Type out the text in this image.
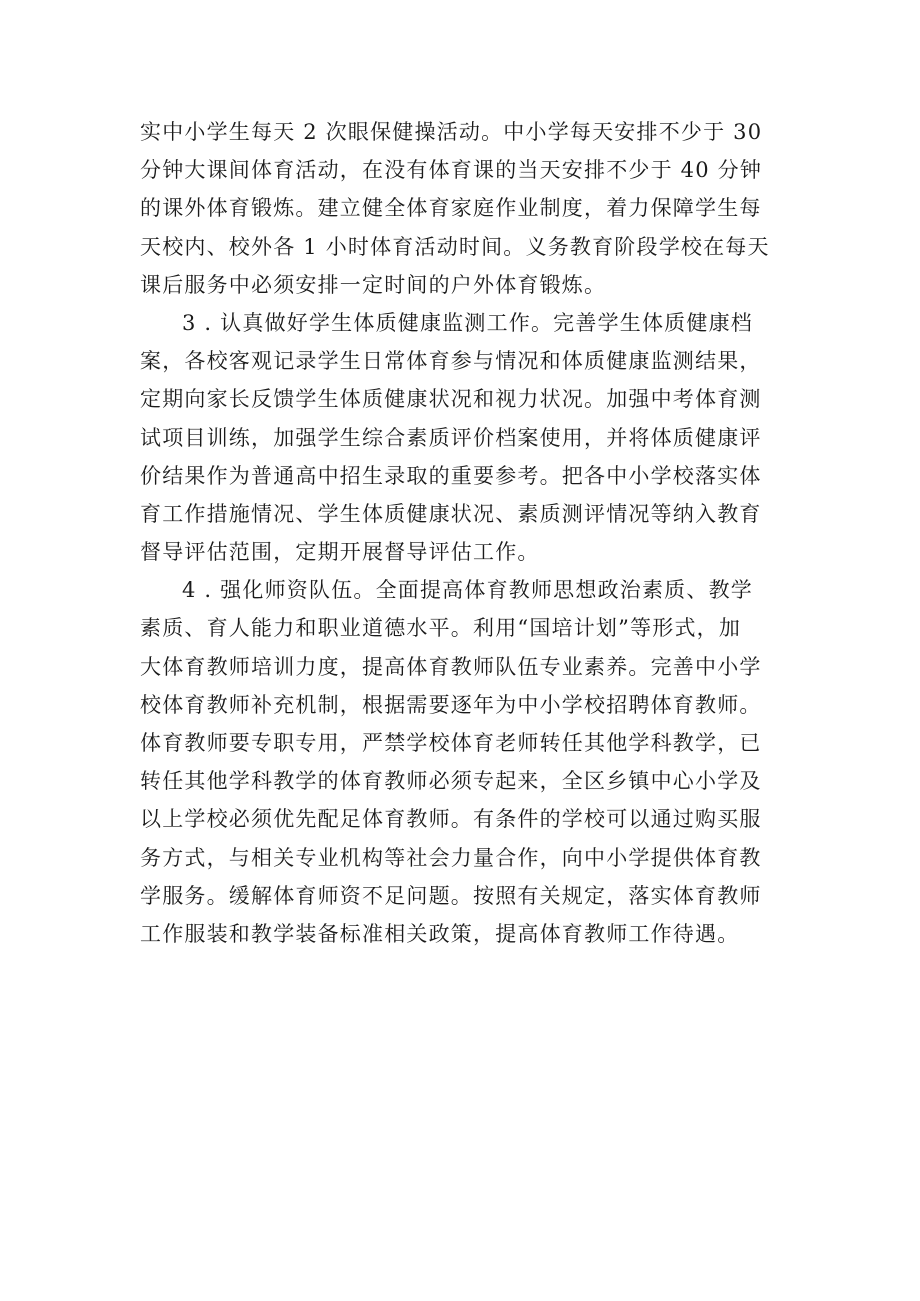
实中小学生每天 2 次眼保健操活动。中小学每天安排不少于 30
分钟大课间体育活动，在没有体育课的当天安排不少于 40 分钟
的课外体育锻炼。建立健全体育家庭作业制度，着力保障学生每
天校内、校外各 1 小时体育活动时间。义务教育阶段学校在每天
课后服务中必须安排一定时间的户外体育锻炼。
3 . 认真做好学生体质健康监测工作。完善学生体质健康档
案，各校客观记录学生日常体育参与情况和体质健康监测结果，
定期向家长反馈学生体质健康状况和视力状况。加强中考体育测
试项目训练，加强学生综合素质评价档案使用，并将体质健康评
价结果作为普通高中招生录取的重要参考。把各中小学校落实体
育工作措施情况、学生体质健康状况、素质测评情况等纳入教育
督导评估范围，定期开展督导评估工作。
4 . 强化师资队伍。全面提高体育教师思想政治素质、教学
素质、育人能力和职业道德水平。利用“国培计划”等形式，加
大体育教师培训力度，提高体育教师队伍专业素养。完善中小学
校体育教师补充机制，根据需要逐年为中小学校招聘体育教师。
体育教师要专职专用，严禁学校体育老师转任其他学科教学，已
转任其他学科教学的体育教师必须专起来，全区乡镇中心小学及
以上学校必须优先配足体育教师。有条件的学校可以通过购买服
务方式，与相关专业机构等社会力量合作，向中小学提供体育教
学服务。缓解体育师资不足问题。按照有关规定，落实体育教师
工作服装和教学装备标准相关政策，提高体育教师工作待遇。
